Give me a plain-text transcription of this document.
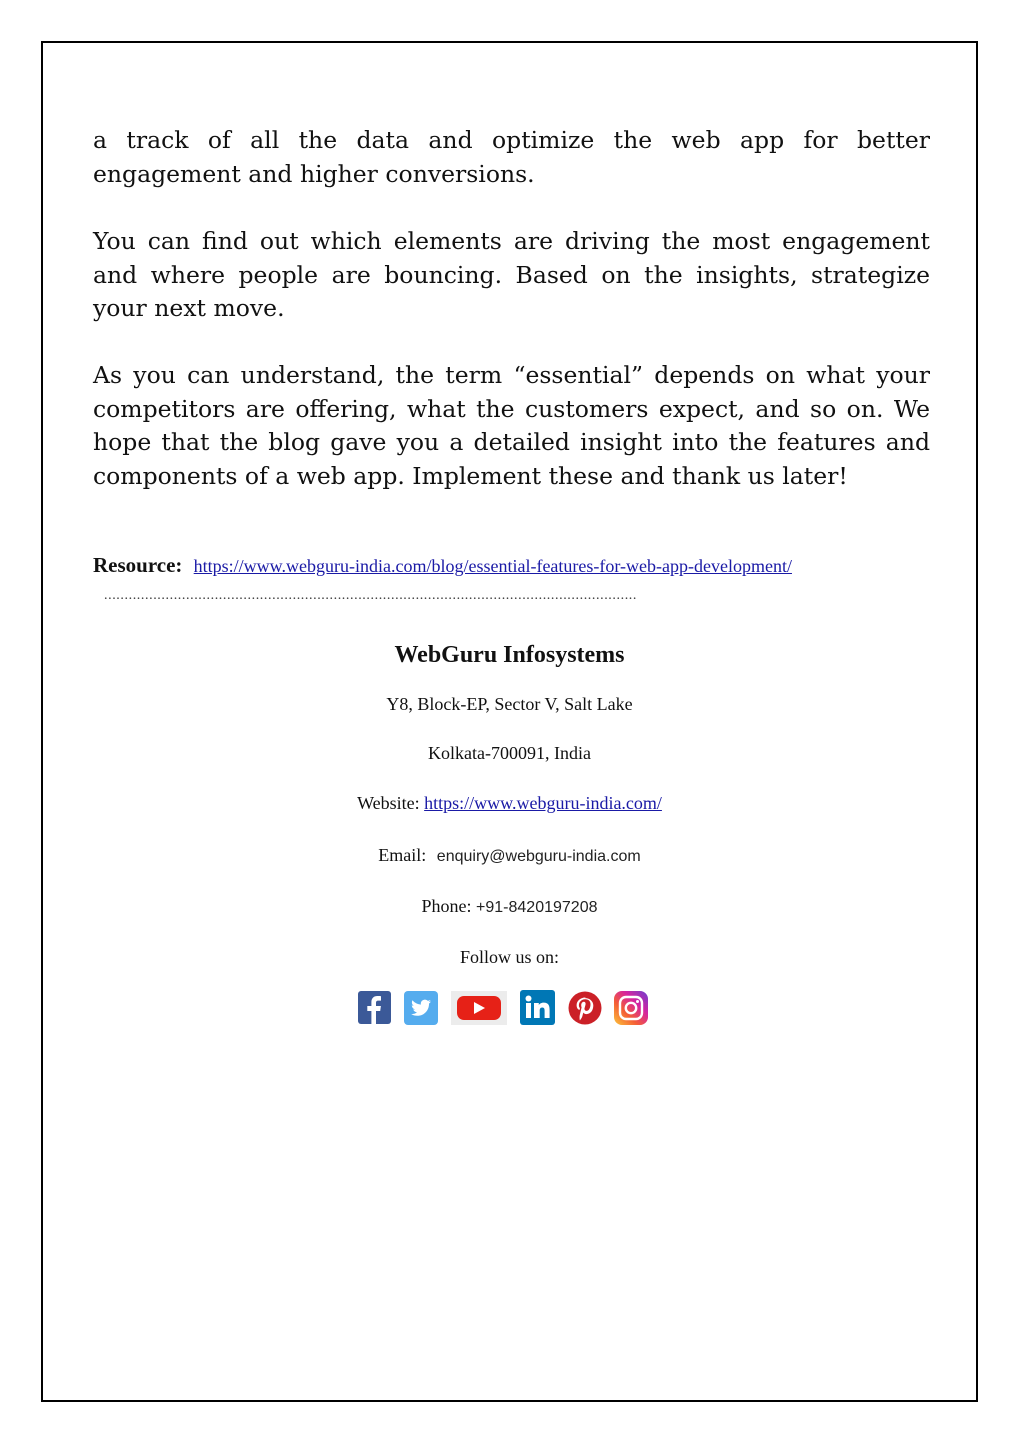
a track of all the data and optimize the web app for better engagement and higher conversions.

You can find out which elements are driving the most engagement and where people are bouncing. Based on the insights, strategize your next move.

As you can understand, the term “essential” depends on what your competitors are offering, what the customers expect, and so on. We hope that the blog gave you a detailed insight into the features and components of a web app. Implement these and thank us later!

Resource: https://www.webguru-india.com/blog/essential-features-for-web-app-development/
..................................................................................................................................
WebGuru Infosystems
Y8, Block-EP, Sector V, Salt Lake
Kolkata-700091, India
Website: https://www.webguru-india.com/
Email: enquiry@webguru-india.com
Phone: +91-8420197208
Follow us on:
